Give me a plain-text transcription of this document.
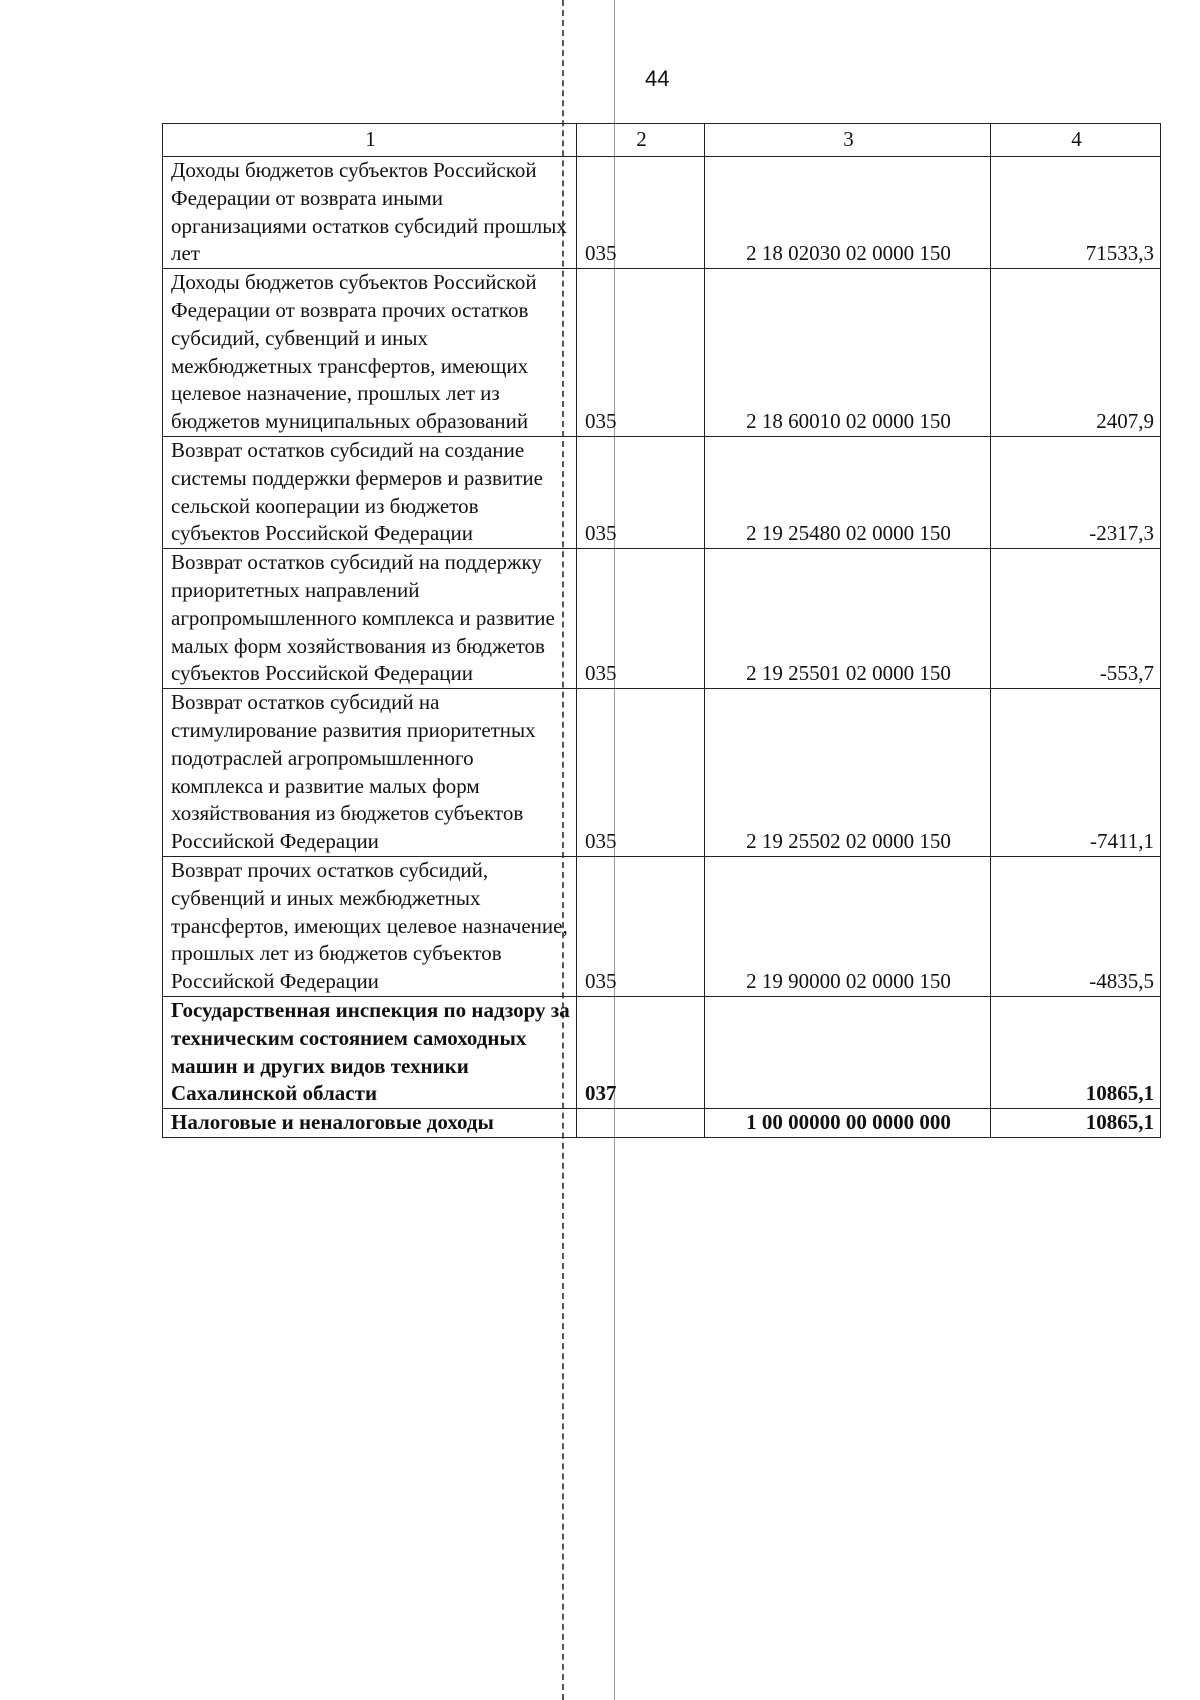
44
1	2	3	4
Доходы бюджетов субъектов Российской Федерации от возврата иными организациями остатков субсидий прошлых лет	035	2 18 02030 02 0000 150	71533,3
Доходы бюджетов субъектов Российской Федерации от возврата прочих остатков субсидий, субвенций и иных межбюджетных трансфертов, имеющих целевое назначение, прошлых лет из бюджетов муниципальных образований	035	2 18 60010 02 0000 150	2407,9
Возврат остатков субсидий на создание системы поддержки фермеров и развитие сельской кооперации из бюджетов субъектов Российской Федерации	035	2 19 25480 02 0000 150	-2317,3
Возврат остатков субсидий на поддержку приоритетных направлений агропромышленного комплекса и развитие малых форм хозяйствования из бюджетов субъектов Российской Федерации	035	2 19 25501 02 0000 150	-553,7
Возврат остатков субсидий на стимулирование развития приоритетных подотраслей агропромышленного комплекса и развитие малых форм хозяйствования из бюджетов субъектов Российской Федерации	035	2 19 25502 02 0000 150	-7411,1
Возврат прочих остатков субсидий, субвенций и иных межбюджетных трансфертов, имеющих целевое назначение, прошлых лет из бюджетов субъектов Российской Федерации	035	2 19 90000 02 0000 150	-4835,5
Государственная инспекция по надзору за техническим состоянием самоходных машин и других видов техники Сахалинской области	037		10865,1
Налоговые и неналоговые доходы		1 00 00000 00 0000 000	10865,1
